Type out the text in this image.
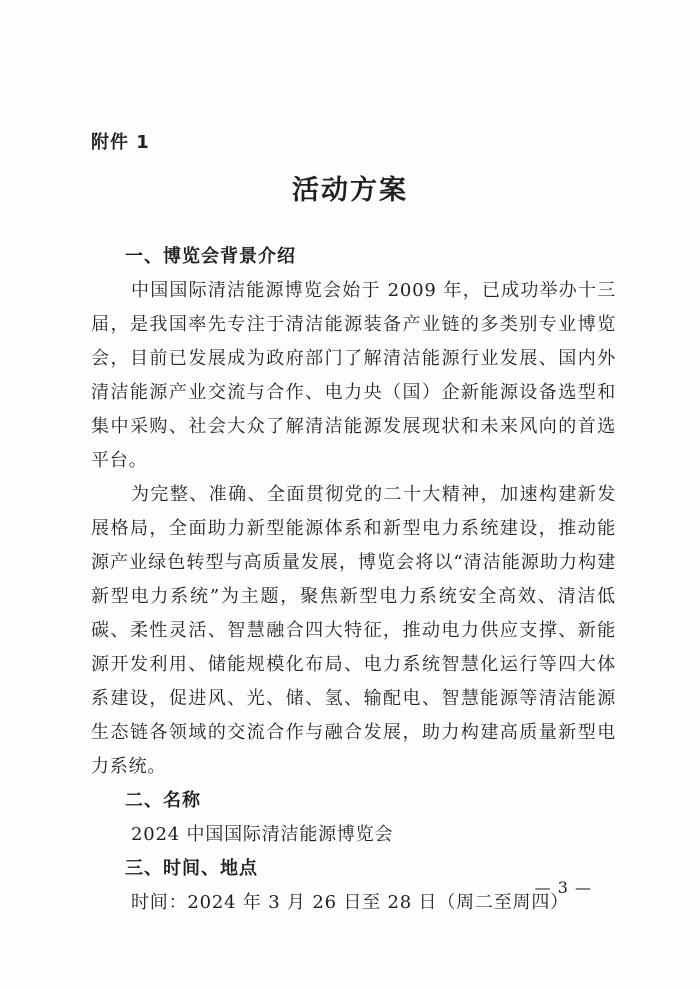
附件 1
活动方案
一、博览会背景介绍

中国国际清洁能源博览会始于 2009 年，已成功举办十三届，是我国率先专注于清洁能源装备产业链的多类别专业博览会，目前已发展成为政府部门了解清洁能源行业发展、国内外清洁能源产业交流与合作、电力央（国）企新能源设备选型和集中采购、社会大众了解清洁能源发展现状和未来风向的首选平台。

为完整、准确、全面贯彻党的二十大精神，加速构建新发展格局，全面助力新型能源体系和新型电力系统建设，推动能源产业绿色转型与高质量发展，博览会将以“清洁能源助力构建新型电力系统”为主题，聚焦新型电力系统安全高效、清洁低碳、柔性灵活、智慧融合四大特征，推动电力供应支撑、新能源开发利用、储能规模化布局、电力系统智慧化运行等四大体系建设，促进风、光、储、氢、输配电、智慧能源等清洁能源生态链各领域的交流合作与融合发展，助力构建高质量新型电力系统。

二、名称
2024 中国国际清洁能源博览会
三、时间、地点
时间：2024 年 3 月 26 日至 28 日（周二至周四）
— 3 —
